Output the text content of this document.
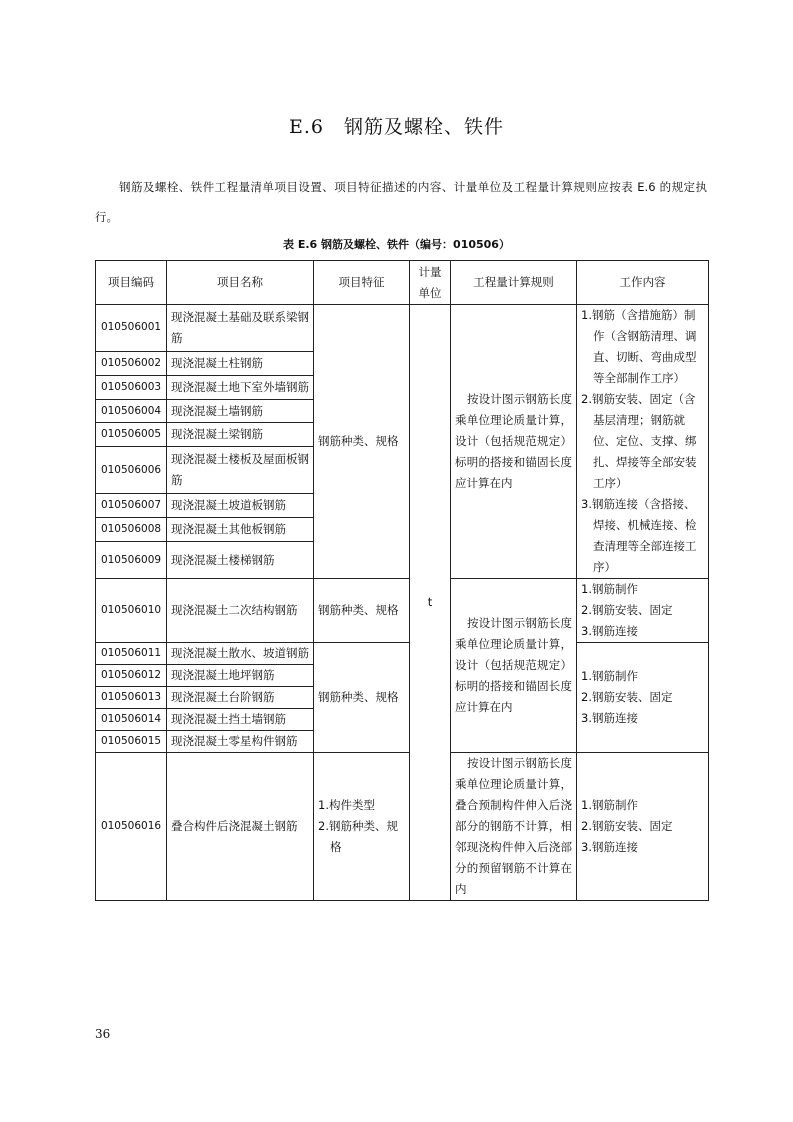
E.6　钢筋及螺栓、铁件
钢筋及螺栓、铁件工程量清单项目设置、项目特征描述的内容、计量单位及工程量计算规则应按表 E.6 的规定执行。
表 E.6 钢筋及螺栓、铁件（编号：010506）
项目编码	项目名称	项目特征	计量单位	工程量计算规则	工作内容
010506001	现浇混凝土基础及联系梁钢筋	钢筋种类、规格	t	按设计图示钢筋长度乘单位理论质量计算，设计（包括规范规定）标明的搭接和锚固长度应计算在内	1.钢筋（含措施筋）制作（含钢筋清理、调直、切断、弯曲成型等全部制作工序）
2.钢筋安装、固定（含基层清理；钢筋就位、定位、支撑、绑扎、焊接等全部安装工序）
3.钢筋连接（含搭接、焊接、机械连接、检查清理等全部连接工序）

010506002	现浇混凝土柱钢筋				
010506003	现浇混凝土地下室外墙钢筋				
010506004	现浇混凝土墙钢筋				
010506005	现浇混凝土梁钢筋				
010506006	现浇混凝土楼板及屋面板钢筋				
010506007	现浇混凝土坡道板钢筋				
010506008	现浇混凝土其他板钢筋				
010506009	现浇混凝土楼梯钢筋				
010506010	现浇混凝土二次结构钢筋	钢筋种类、规格		按设计图示钢筋长度乘单位理论质量计算，设计（包括规范规定）标明的搭接和锚固长度应计算在内	1.钢筋制作
2.钢筋安装、固定
3.钢筋连接

010506011	现浇混凝土散水、坡道钢筋	钢筋种类、规格			1.钢筋制作
2.钢筋安装、固定
3.钢筋连接

010506012	现浇混凝土地坪钢筋				
010506013	现浇混凝土台阶钢筋				
010506014	现浇混凝土挡土墙钢筋				
010506015	现浇混凝土零星构件钢筋				
010506016	叠合构件后浇混凝土钢筋	1.构件类型
2.钢筋种类、规格		按设计图示钢筋长度乘单位理论质量计算，叠合预制构件伸入后浇部分的钢筋不计算，相邻现浇构件伸入后浇部分的预留钢筋不计算在内	1.钢筋制作
2.钢筋安装、固定
3.钢筋连接
36
